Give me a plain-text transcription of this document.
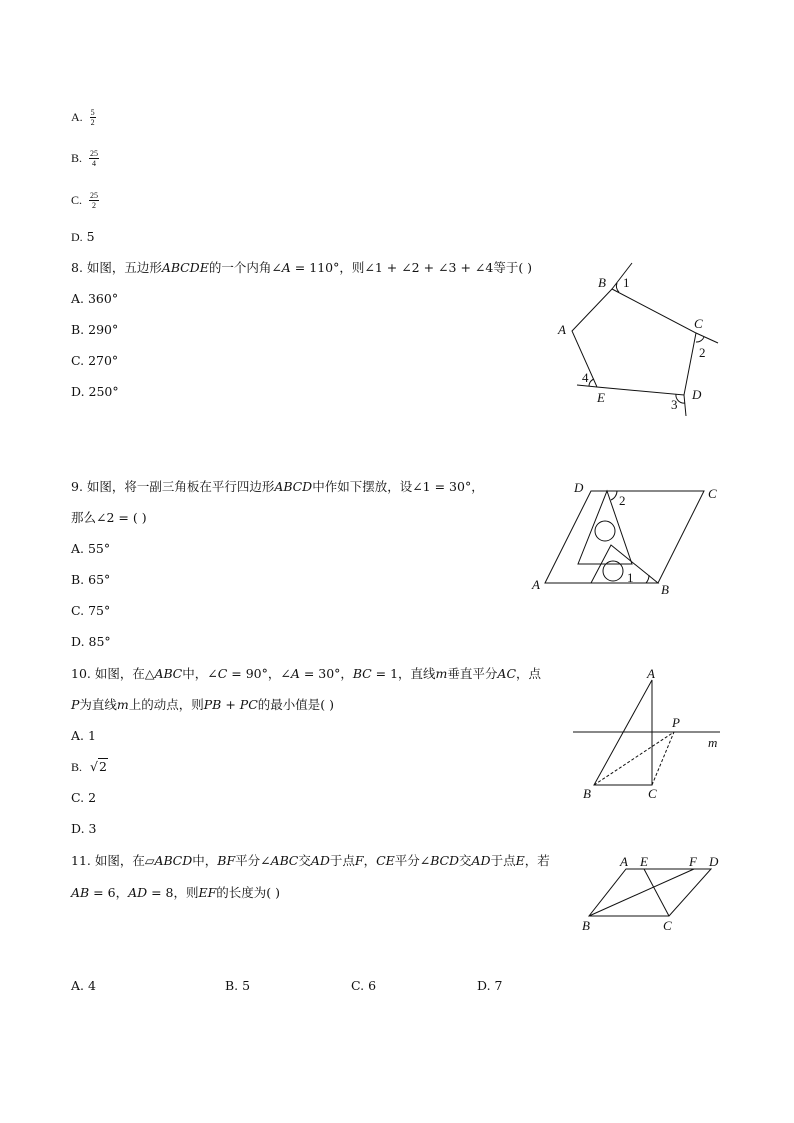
A. $\frac{5}{2}$
B. $\frac{25}{4}$
C. $\frac{25}{2}$
D. 5
8. 如图，五边形𝐴𝐵𝐶𝐷𝐸的一个内角∠𝐴 = 110°，则∠1 + ∠2 + ∠3 + ∠4等于( )
A. 360°
B. 290°
C. 270°
D. 250°
B 1
A	C
2
4
E	D
3
9. 如图，将一副三角板在平行四边形𝐴𝐵𝐶𝐷中作如下摆放，设∠1 = 30°，
那么∠2 = ( )
A. 55°
B. 65°
C. 75°
D. 85°
D
2	C
A	1
B
10. 如图，在△𝐴𝐵𝐶中，∠𝐶 = 90°，∠𝐴 = 30°，𝐵𝐶 = 1，直线𝑚垂直平分𝐴𝐶，点
𝑃为直线𝑚上的动点，则𝑃𝐵 + 𝑃𝐶的最小值是( )
A. 1
B. √2
C. 2
D. 3
A
P
m
B	C
11. 如图，在▱𝐴𝐵𝐶𝐷中，𝐵𝐹平分∠𝐴𝐵𝐶交𝐴𝐷于点𝐹，𝐶𝐸平分∠𝐵𝐶𝐷交𝐴𝐷于点𝐸，若
𝐴𝐵 = 6，𝐴𝐷 = 8，则𝐸𝐹的长度为( )
A. 4	B. 5	C. 6	D. 7
A E	F D
B	C
